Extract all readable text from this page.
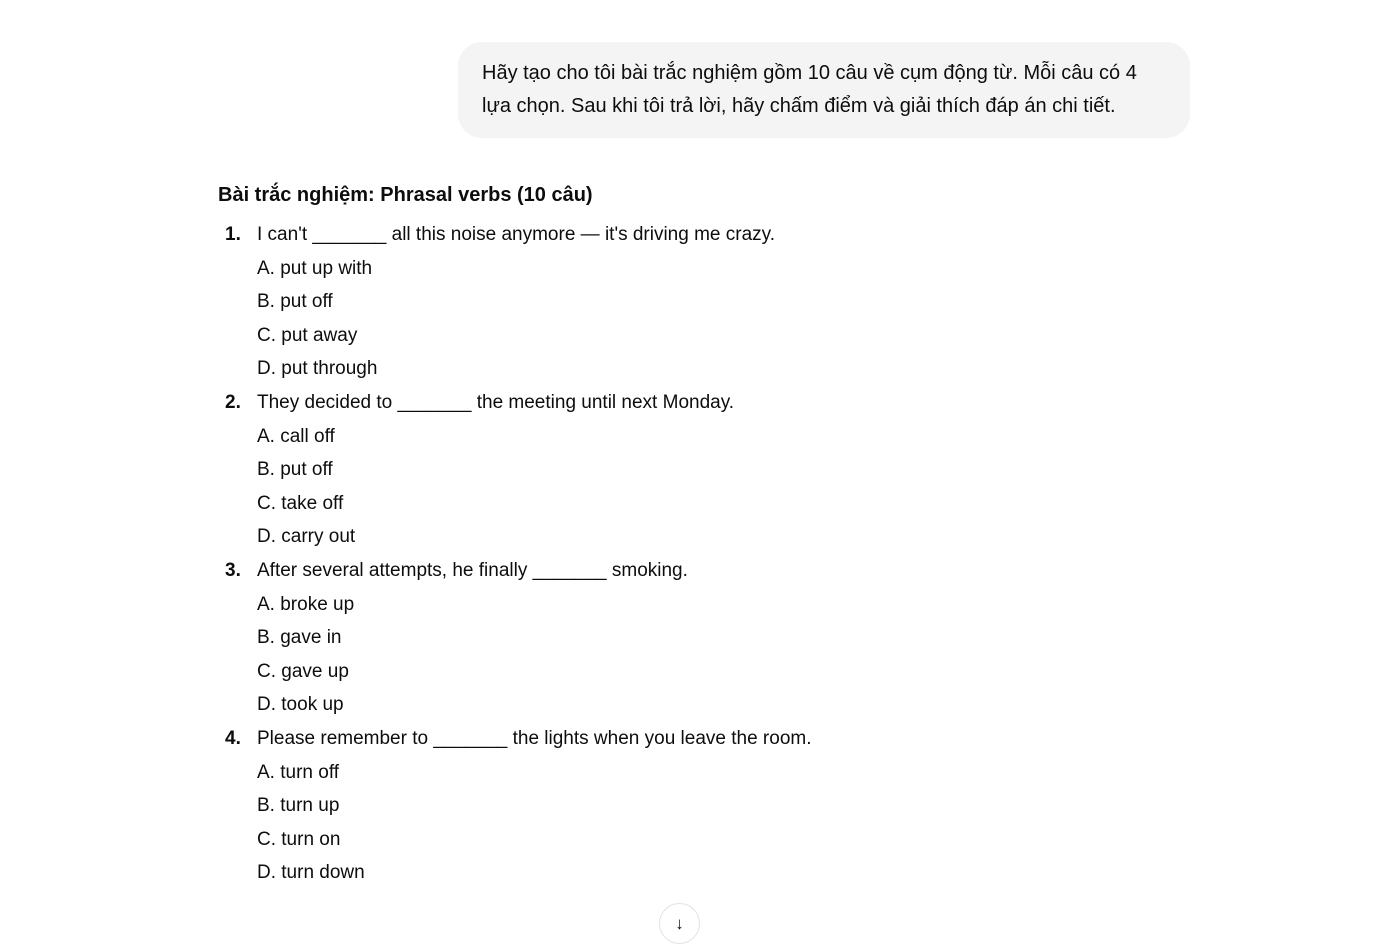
Hãy tạo cho tôi bài trắc nghiệm gồm 10 câu về cụm động từ. Mỗi câu có 4 lựa chọn. Sau khi tôi trả lời, hãy chấm điểm và giải thích đáp án chi tiết.
Bài trắc nghiệm: Phrasal verbs (10 câu)
1. I can't _______ all this noise anymore — it's driving me crazy.
A. put up with
B. put off
C. put away
D. put through
2. They decided to _______ the meeting until next Monday.
A. call off
B. put off
C. take off
D. carry out
3. After several attempts, he finally _______ smoking.
A. broke up
B. gave in
C. gave up
D. took up
4. Please remember to _______ the lights when you leave the room.
A. turn off
B. turn up
C. turn on
D. turn down
↓
